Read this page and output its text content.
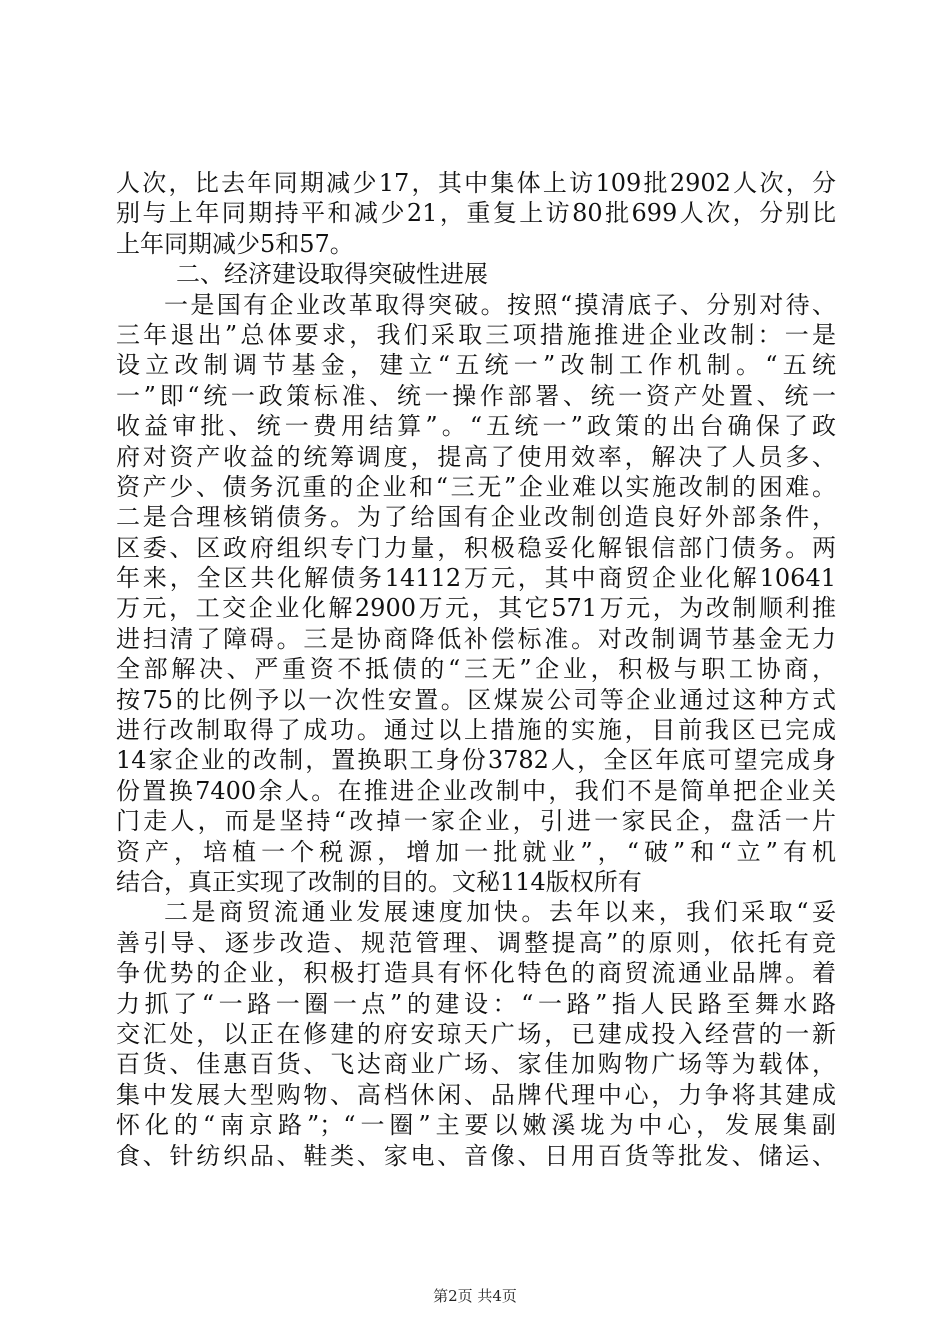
人次，比去年同期减少17，其中集体上访109批2902人次，分
别与上年同期持平和减少21，重复上访80批699人次，分别比
上年同期减少5和57。
二、经济建设取得突破性进展
一是国有企业改革取得突破。按照“摸清底子、分别对待、
三年退出”总体要求，我们采取三项措施推进企业改制：一是
设立改制调节基金，建立“五统一”改制工作机制。“五统
一”即“统一政策标准、统一操作部署、统一资产处置、统一
收益审批、统一费用结算”。“五统一”政策的出台确保了政
府对资产收益的统筹调度，提高了使用效率，解决了人员多、
资产少、债务沉重的企业和“三无”企业难以实施改制的困难。
二是合理核销债务。为了给国有企业改制创造良好外部条件，
区委、区政府组织专门力量，积极稳妥化解银信部门债务。两
年来，全区共化解债务14112万元，其中商贸企业化解10641
万元，工交企业化解2900万元，其它571万元，为改制顺利推
进扫清了障碍。三是协商降低补偿标准。对改制调节基金无力
全部解决、严重资不抵债的“三无”企业，积极与职工协商，
按75的比例予以一次性安置。区煤炭公司等企业通过这种方式
进行改制取得了成功。通过以上措施的实施，目前我区已完成
14家企业的改制，置换职工身份3782人，全区年底可望完成身
份置换7400余人。在推进企业改制中，我们不是简单把企业关
门走人，而是坚持“改掉一家企业，引进一家民企，盘活一片
资产，培植一个税源，增加一批就业”，“破”和“立”有机
结合，真正实现了改制的目的。文秘114版权所有
二是商贸流通业发展速度加快。去年以来，我们采取“妥
善引导、逐步改造、规范管理、调整提高”的原则，依托有竞
争优势的企业，积极打造具有怀化特色的商贸流通业品牌。着
力抓了“一路一圈一点”的建设：“一路”指人民路至舞水路
交汇处，以正在修建的府安琼天广场，已建成投入经营的一新
百货、佳惠百货、飞达商业广场、家佳加购物广场等为载体，
集中发展大型购物、高档休闲、品牌代理中心，力争将其建成
怀化的“南京路”；“一圈”主要以嫩溪垅为中心，发展集副
食、针纺织品、鞋类、家电、音像、日用百货等批发、储运、
第2页 共4页
